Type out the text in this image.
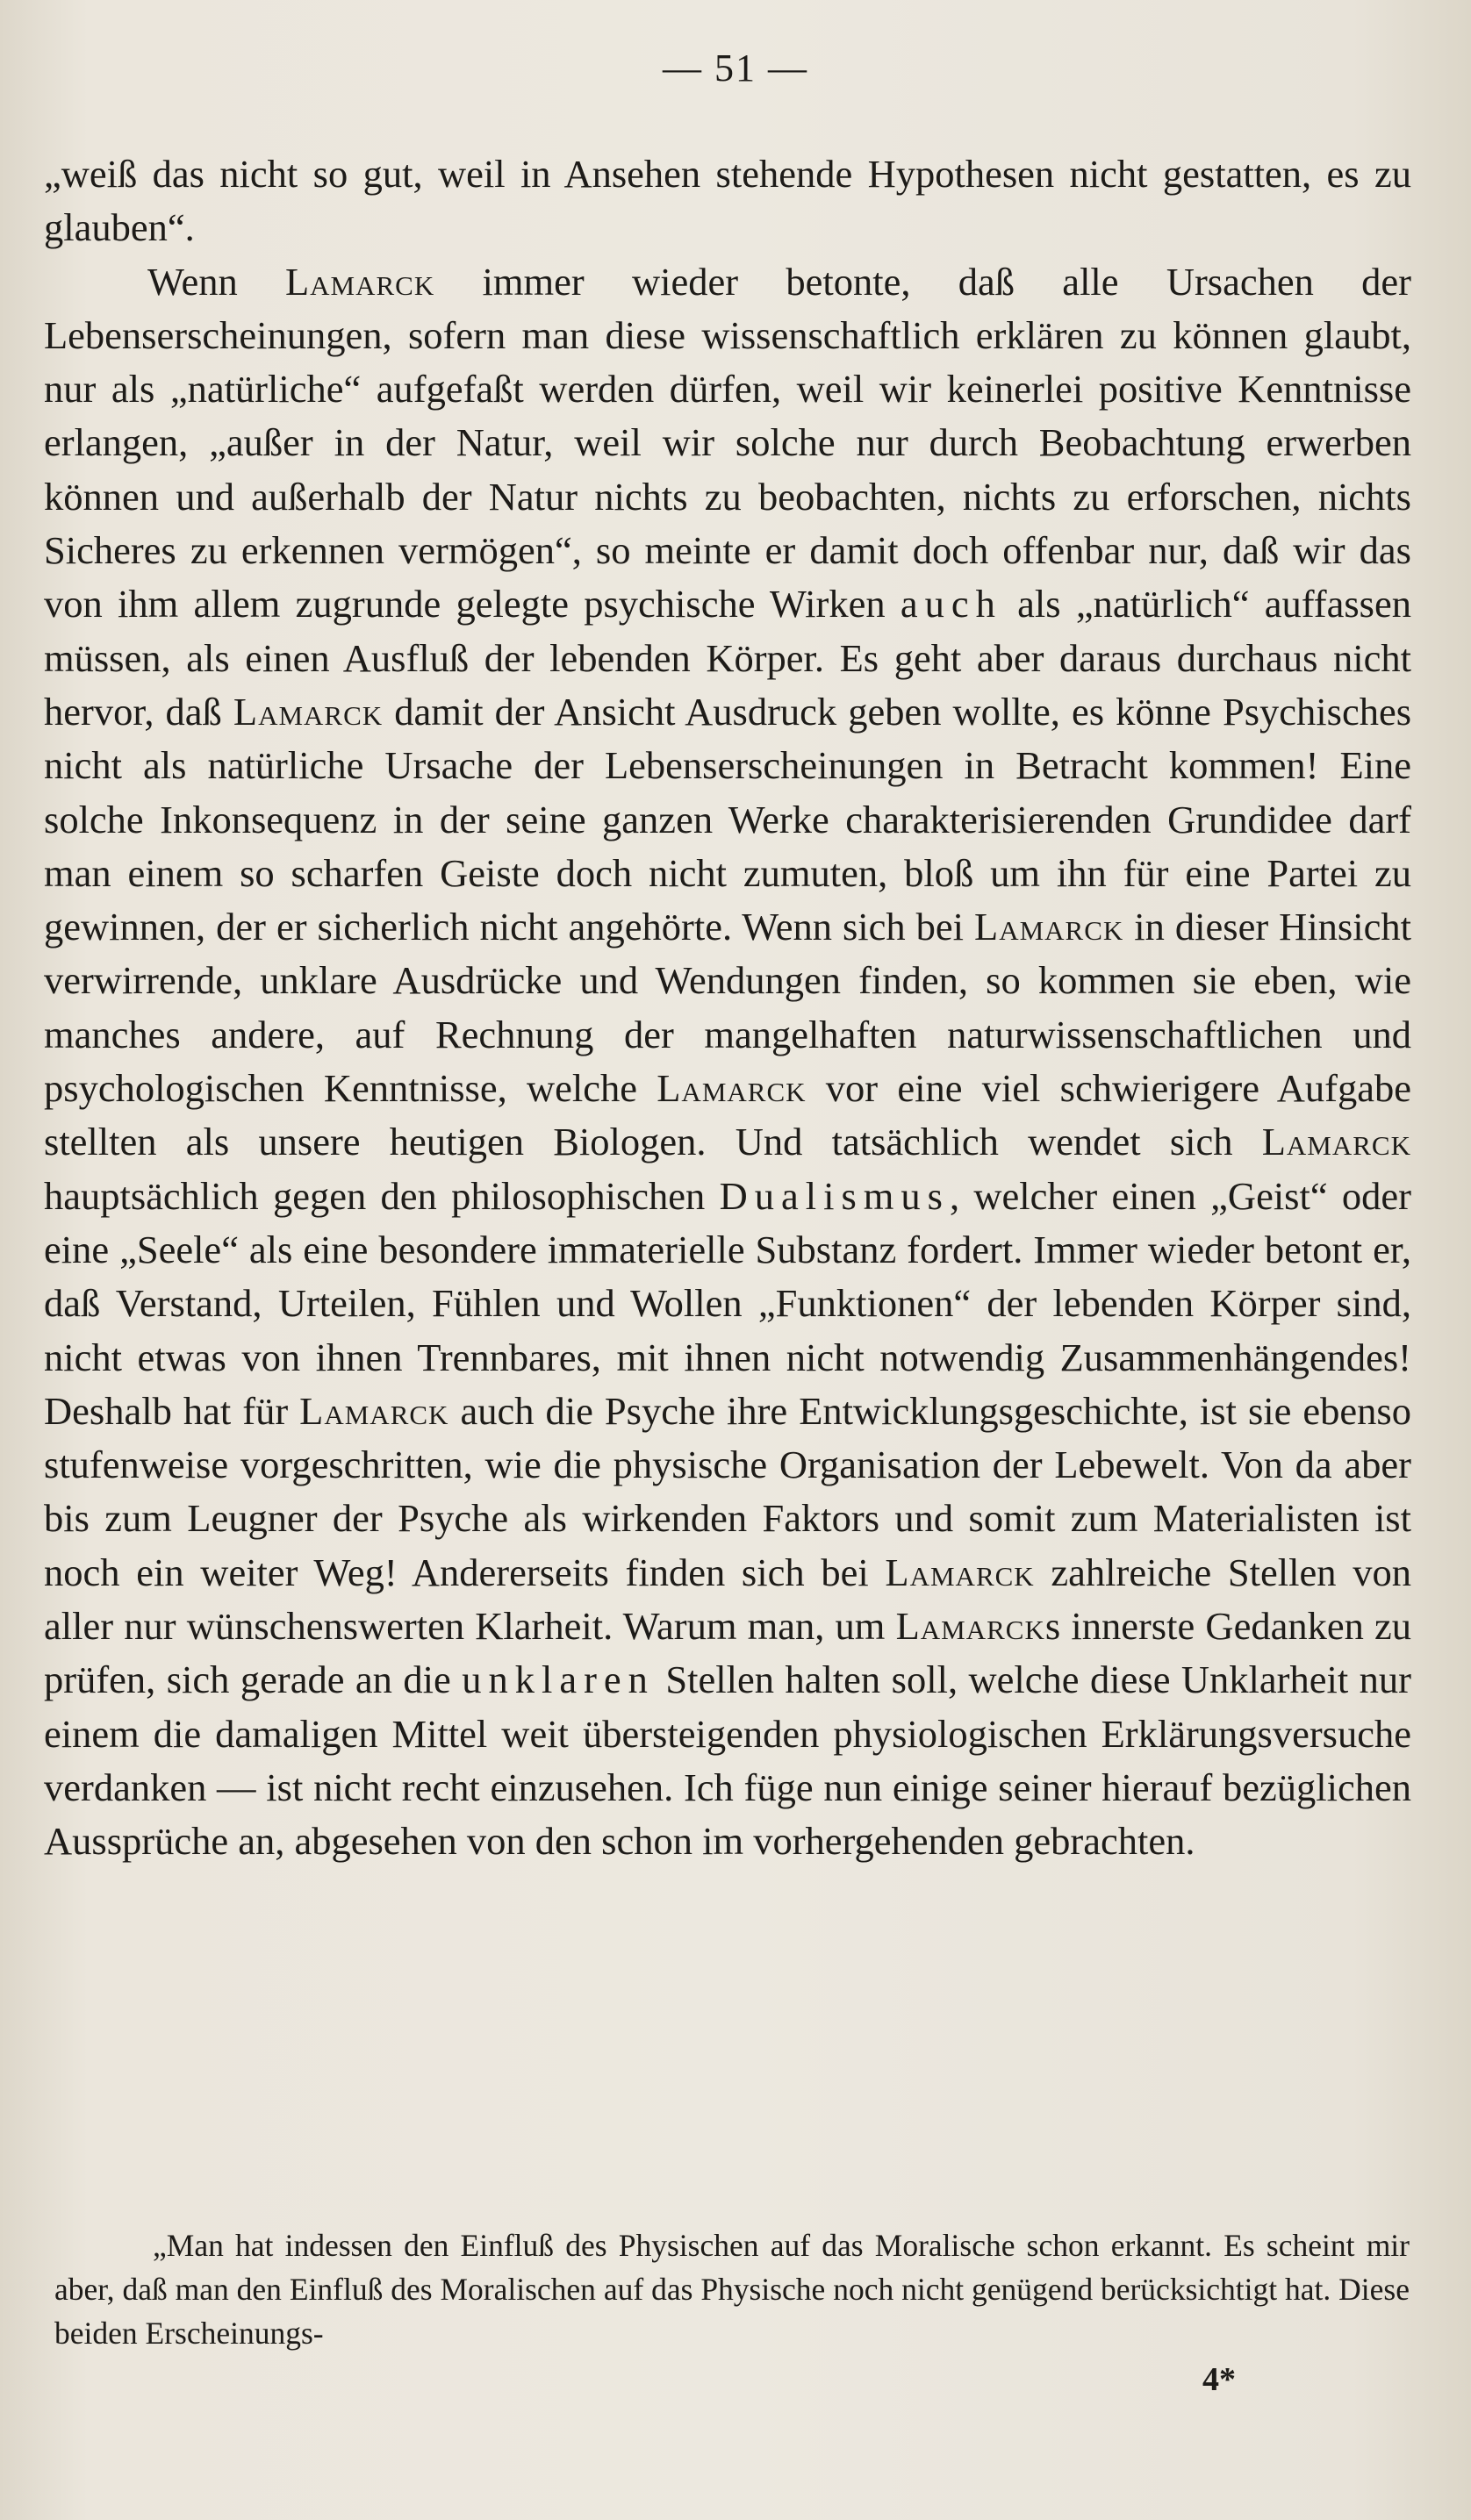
— 51 —

„weiß das nicht so gut, weil in Ansehen stehende Hypothesen nicht gestatten, es zu glauben“.

Wenn Lamarck immer wieder betonte, daß alle Ursachen der Lebenserscheinungen, sofern man diese wissenschaftlich erklären zu können glaubt, nur als „natürliche“ aufgefaßt werden dürfen, weil wir keinerlei positive Kenntnisse erlangen, „außer in der Natur, weil wir solche nur durch Beobachtung erwerben können und außerhalb der Natur nichts zu beobachten, nichts zu erforschen, nichts Sicheres zu erkennen vermögen“, so meinte er damit doch offenbar nur, daß wir das von ihm allem zugrunde gelegte psychische Wirken auch als „natürlich“ auffassen müssen, als einen Ausfluß der lebenden Körper. Es geht aber daraus durchaus nicht hervor, daß Lamarck damit der Ansicht Ausdruck geben wollte, es könne Psychisches nicht als natürliche Ursache der Lebenserscheinungen in Betracht kommen! Eine solche Inkonsequenz in der seine ganzen Werke charakterisierenden Grundidee darf man einem so scharfen Geiste doch nicht zumuten, bloß um ihn für eine Partei zu gewinnen, der er sicherlich nicht angehörte. Wenn sich bei Lamarck in dieser Hinsicht verwirrende, unklare Ausdrücke und Wendungen finden, so kommen sie eben, wie manches andere, auf Rechnung der mangelhaften naturwissenschaftlichen und psychologischen Kenntnisse, welche Lamarck vor eine viel schwierigere Aufgabe stellten als unsere heutigen Biologen. Und tatsächlich wendet sich Lamarck hauptsächlich gegen den philosophischen Dualismus, welcher einen „Geist“ oder eine „Seele“ als eine besondere immaterielle Substanz fordert. Immer wieder betont er, daß Verstand, Urteilen, Fühlen und Wollen „Funktionen“ der lebenden Körper sind, nicht etwas von ihnen Trennbares, mit ihnen nicht notwendig Zusammenhängendes! Deshalb hat für Lamarck auch die Psyche ihre Entwicklungsgeschichte, ist sie ebenso stufenweise vorgeschritten, wie die physische Organisation der Lebewelt. Von da aber bis zum Leugner der Psyche als wirkenden Faktors und somit zum Materialisten ist noch ein weiter Weg! Andererseits finden sich bei Lamarck zahlreiche Stellen von aller nur wünschenswerten Klarheit. Warum man, um Lamarcks innerste Gedanken zu prüfen, sich gerade an die unklaren Stellen halten soll, welche diese Unklarheit nur einem die damaligen Mittel weit übersteigenden physiologischen Erklärungsversuche verdanken — ist nicht recht einzusehen. Ich füge nun einige seiner hierauf bezüglichen Aussprüche an, abgesehen von den schon im vorhergehenden gebrachten.

„Man hat indessen den Einfluß des Physischen auf das Moralische schon erkannt. Es scheint mir aber, daß man den Einfluß des Moralischen auf das Physische noch nicht genügend berücksichtigt hat. Diese beiden Erscheinungs-

4*
